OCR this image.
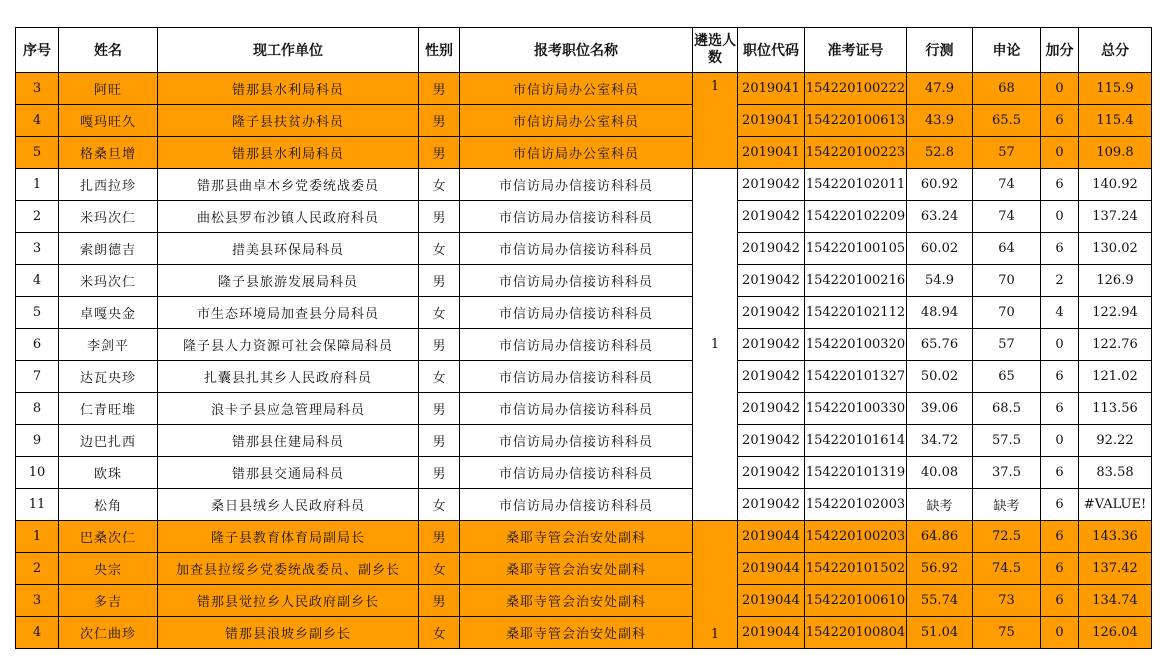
序号	姓名	现工作单位	性别	报考职位名称	遴选人数	职位代码	准考证号	行测	申论	加分	总分
3	阿旺	错那县水利局科员	男	市信访局办公室科员	1	2019041	154220100222	47.9	68	0	115.9
4	嘎玛旺久	隆子县扶贫办科员	男	市信访局办公室科员		2019041	154220100613	43.9	65.5	6	115.4
5	格桑旦增	错那县水利局科员	男	市信访局办公室科员		2019041	154220100223	52.8	57	0	109.8
1	扎西拉珍	错那县曲卓木乡党委统战委员	女	市信访局办信接访科科员	1	2019042	154220102011	60.92	74	6	140.92
2	米玛次仁	曲松县罗布沙镇人民政府科员	男	市信访局办信接访科科员		2019042	154220102209	63.24	74	0	137.24
3	索朗德吉	措美县环保局科员	女	市信访局办信接访科科员		2019042	154220100105	60.02	64	6	130.02
4	米玛次仁	隆子县旅游发展局科员	男	市信访局办信接访科科员		2019042	154220100216	54.9	70	2	126.9
5	卓嘎央金	市生态环境局加查县分局科员	女	市信访局办信接访科科员		2019042	154220102112	48.94	70	4	122.94
6	李剑平	隆子县人力资源可社会保障局科员	男	市信访局办信接访科科员		2019042	154220100320	65.76	57	0	122.76
7	达瓦央珍	扎囊县扎其乡人民政府科员	女	市信访局办信接访科科员		2019042	154220101327	50.02	65	6	121.02
8	仁青旺堆	浪卡子县应急管理局科员	男	市信访局办信接访科科员		2019042	154220100330	39.06	68.5	6	113.56
9	边巴扎西	错那县住建局科员	男	市信访局办信接访科科员		2019042	154220101614	34.72	57.5	0	92.22
10	欧珠	错那县交通局科员	男	市信访局办信接访科科员		2019042	154220101319	40.08	37.5	6	83.58
11	松角	桑日县绒乡人民政府科员	女	市信访局办信接访科科员		2019042	154220102003	缺考	缺考	6	#VALUE!
1	巴桑次仁	隆子县教育体育局副局长	男	桑耶寺管会治安处副科	1	2019044	154220100203	64.86	72.5	6	143.36
2	央宗	加查县拉绥乡党委统战委员、副乡长	女	桑耶寺管会治安处副科		2019044	154220101502	56.92	74.5	6	137.42
3	多吉	错那县觉拉乡人民政府副乡长	男	桑耶寺管会治安处副科		2019044	154220100610	55.74	73	6	134.74
4	次仁曲珍	错那县浪坡乡副乡长	女	桑耶寺管会治安处副科		2019044	154220100804	51.04	75	0	126.04
